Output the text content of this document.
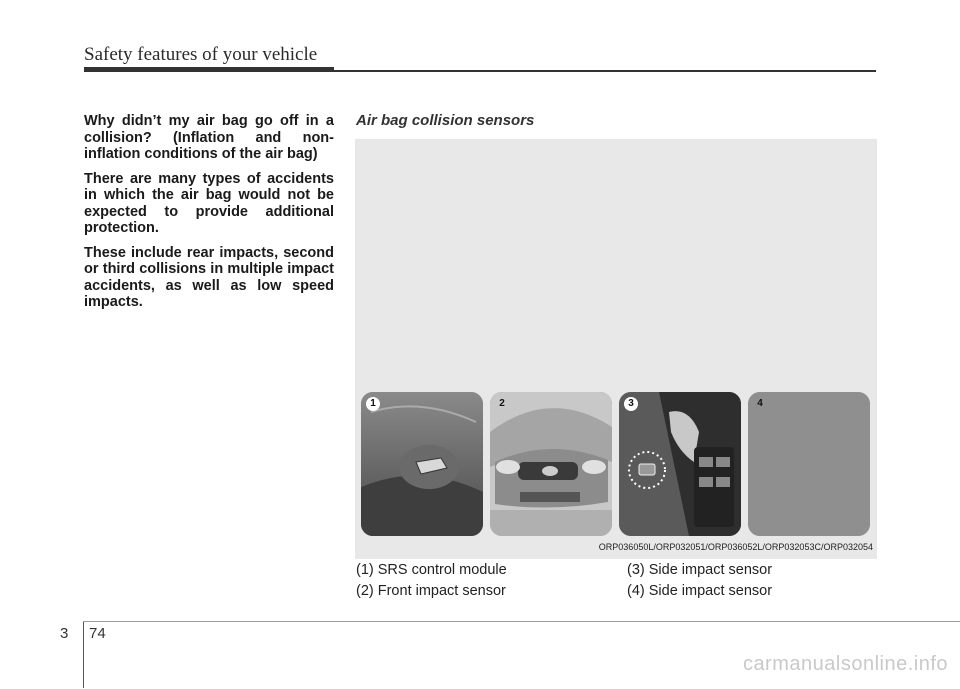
Safety features of your vehicle

Why didn’t my air bag go off in a collision? (Inflation and non-inflation conditions of the air bag)

There are many types of accidents in which the air bag would not be expected to provide additional protection.

These include rear impacts, second or third collisions in multiple impact accidents, as well as low speed impacts.

Air bag collision sensors
1	2	3	4
ORP036050L/ORP032051/ORP036052L/ORP032053C/ORP032054
(1) SRS control module	(3) Side impact sensor
(2) Front impact sensor	(4) Side impact sensor
3 74
carmanualsonline.info
